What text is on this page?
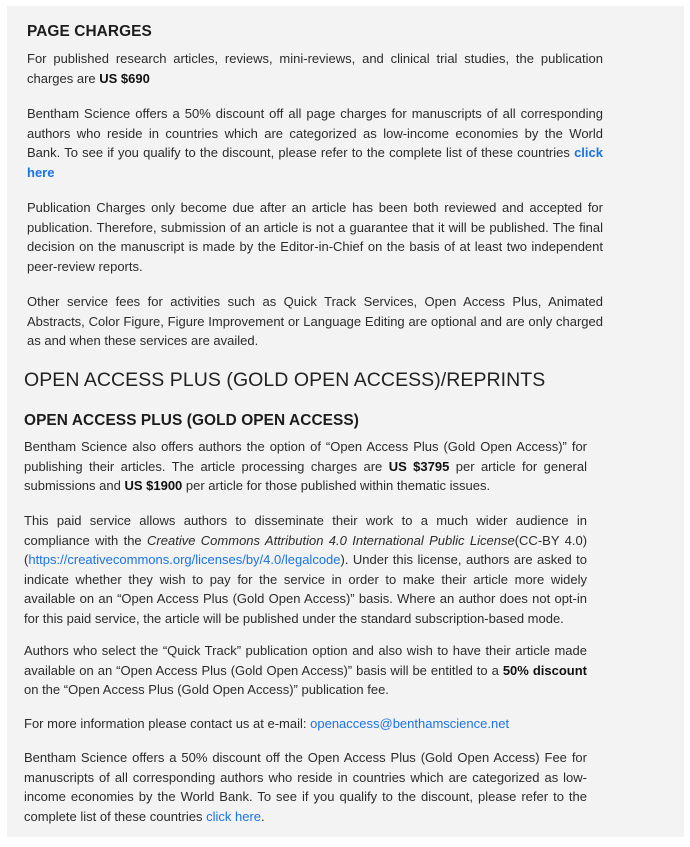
PAGE CHARGES

For published research articles, reviews, mini-reviews, and clinical trial studies, the publication charges are US $690

Bentham Science offers a 50% discount off all page charges for manuscripts of all corresponding authors who reside in countries which are categorized as low-income economies by the World Bank. To see if you qualify to the discount, please refer to the complete list of these countries click here

Publication Charges only become due after an article has been both reviewed and accepted for publication. Therefore, submission of an article is not a guarantee that it will be published. The final decision on the manuscript is made by the Editor-in-Chief on the basis of at least two independent peer-review reports.

Other service fees for activities such as Quick Track Services, Open Access Plus, Animated Abstracts, Color Figure, Figure Improvement or Language Editing are optional and are only charged as and when these services are availed.

OPEN ACCESS PLUS (GOLD OPEN ACCESS)/REPRINTS
OPEN ACCESS PLUS (GOLD OPEN ACCESS)

Bentham Science also offers authors the option of “Open Access Plus (Gold Open Access)” for publishing their articles. The article processing charges are US $3795 per article for general submissions and US $1900 per article for those published within thematic issues.

This paid service allows authors to disseminate their work to a much wider audience in compliance with the Creative Commons Attribution 4.0 International Public License(CC-BY 4.0) (https://creativecommons.org/licenses/by/4.0/legalcode). Under this license, authors are asked to indicate whether they wish to pay for the service in order to make their article more widely available on an “Open Access Plus (Gold Open Access)” basis. Where an author does not opt-in for this paid service, the article will be published under the standard subscription-based mode.

Authors who select the “Quick Track” publication option and also wish to have their article made available on an “Open Access Plus (Gold Open Access)” basis will be entitled to a 50% discount on the “Open Access Plus (Gold Open Access)” publication fee.

For more information please contact us at e-mail: openaccess@benthamscience.net

Bentham Science offers a 50% discount off the Open Access Plus (Gold Open Access) Fee for manuscripts of all corresponding authors who reside in countries which are categorized as low-income economies by the World Bank. To see if you qualify to the discount, please refer to the complete list of these countries click here.
